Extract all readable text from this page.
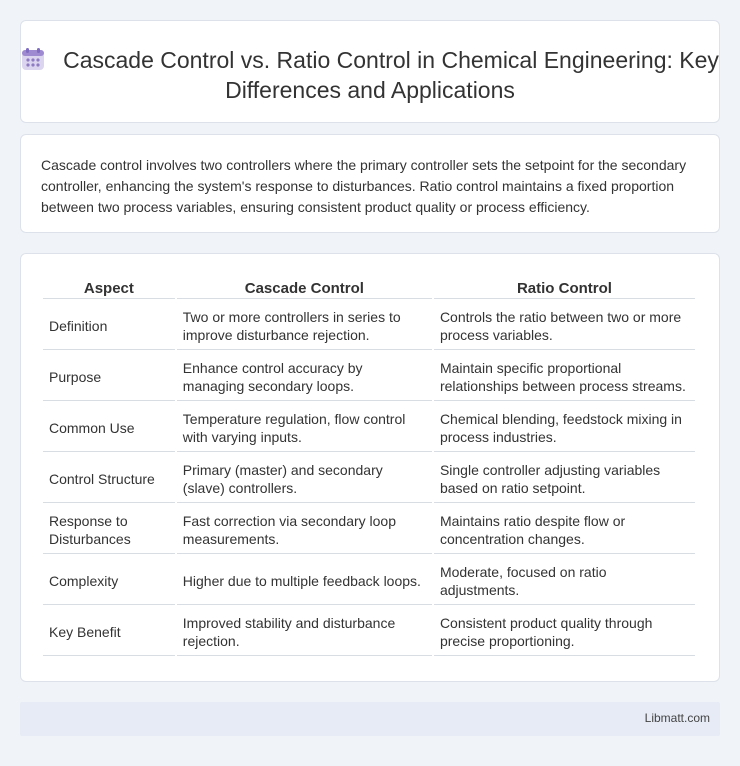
Cascade Control vs. Ratio Control in Chemical Engineering: Key Differences and Applications

Cascade control involves two controllers where the primary controller sets the setpoint for the secondary controller, enhancing the system's response to disturbances. Ratio control maintains a fixed proportion between two process variables, ensuring consistent product quality or process efficiency.

Aspect	Cascade Control	Ratio Control
Definition	Two or more controllers in series to improve disturbance rejection.	Controls the ratio between two or more process variables.
Purpose	Enhance control accuracy by managing secondary loops.	Maintain specific proportional relationships between process streams.
Common Use	Temperature regulation, flow control with varying inputs.	Chemical blending, feedstock mixing in process industries.
Control Structure	Primary (master) and secondary (slave) controllers.	Single controller adjusting variables based on ratio setpoint.
Response to Disturbances	Fast correction via secondary loop measurements.	Maintains ratio despite flow or concentration changes.
Complexity	Higher due to multiple feedback loops.	Moderate, focused on ratio adjustments.
Key Benefit	Improved stability and disturbance rejection.	Consistent product quality through precise proportioning.
Libmatt.com
